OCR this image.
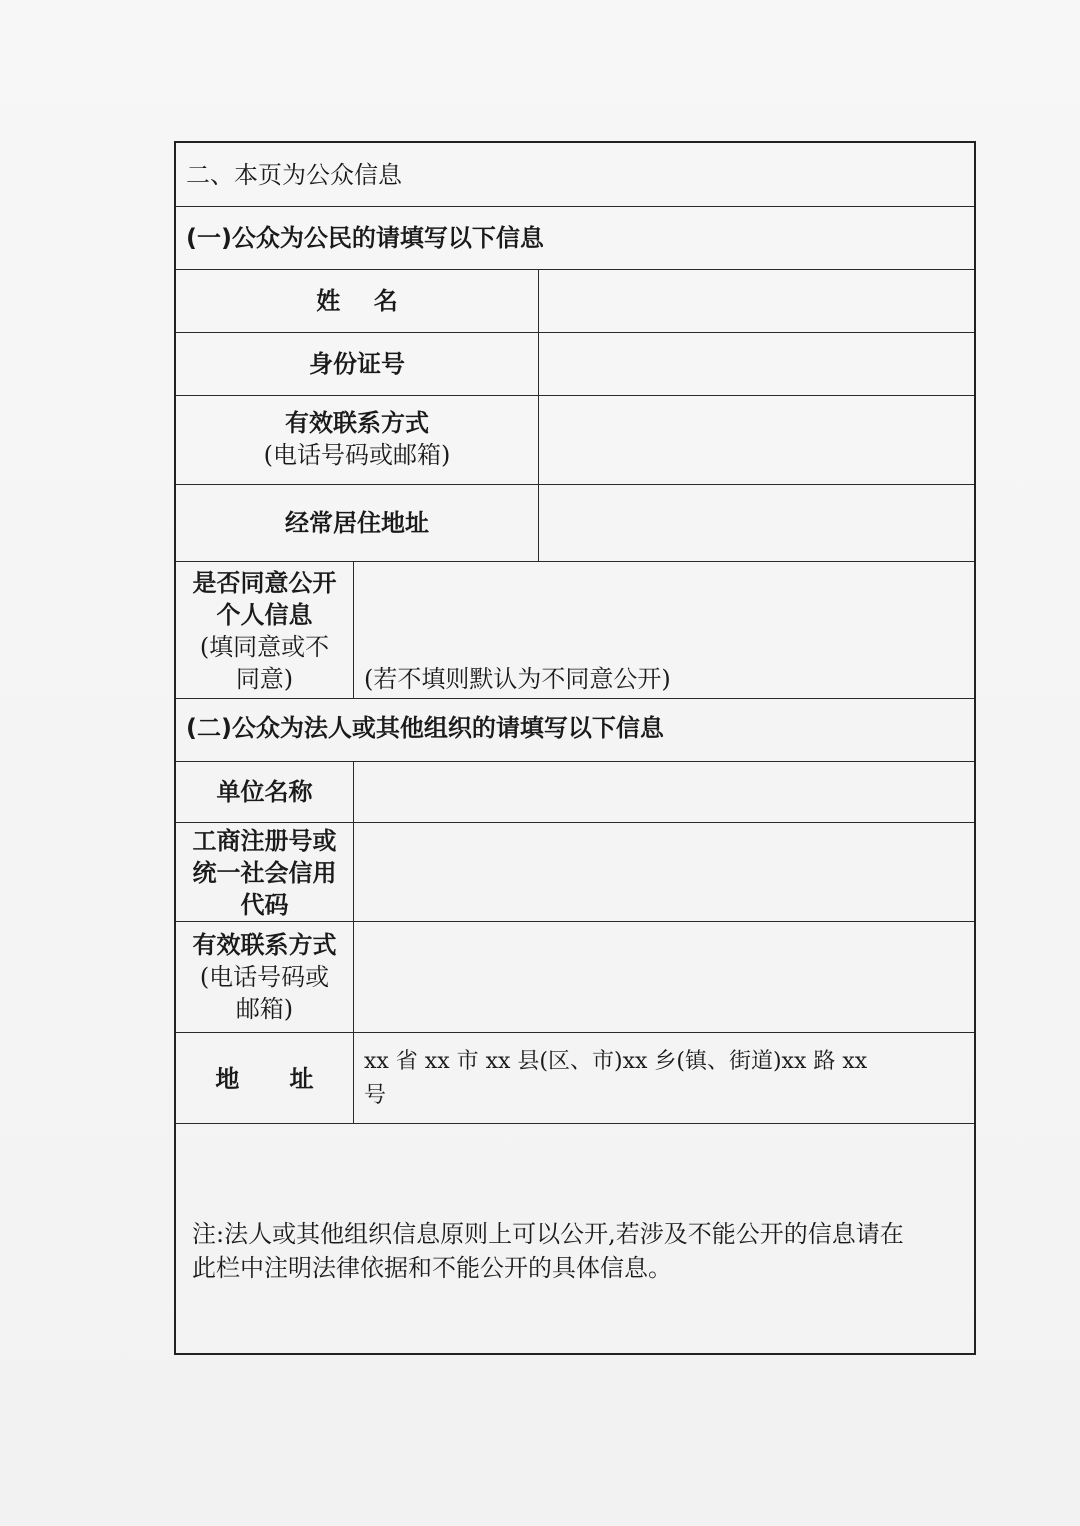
二、本页为公众信息
(一)公众为公民的请填写以下信息
姓    名
身份证号
有效联系方式
(电话号码或邮箱)
经常居住地址
是否同意公开
个人信息
(填同意或不
同意)	(若不填则默认为不同意公开)
(二)公众为法人或其他组织的请填写以下信息
单位名称
工商注册号或
统一社会信用
代码
有效联系方式
(电话号码或
邮箱)
地      址
xx 省 xx 市 xx 县(区、市)xx 乡(镇、街道)xx 路 xx
号
注:法人或其他组织信息原则上可以公开,若涉及不能公开的信息请在
此栏中注明法律依据和不能公开的具体信息。
